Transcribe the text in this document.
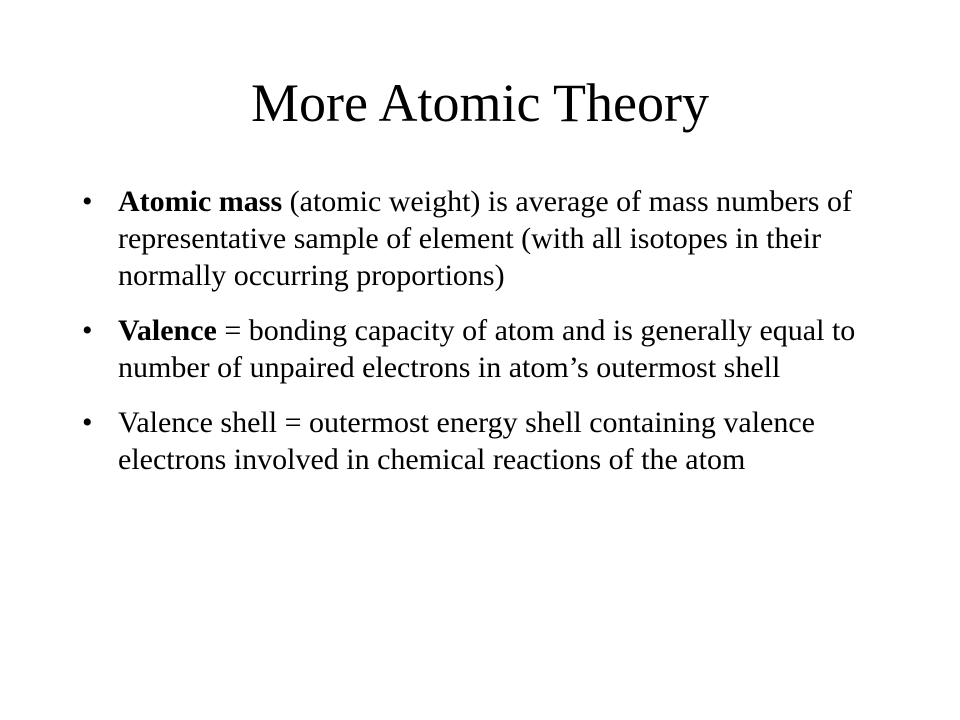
More Atomic Theory
• Atomic mass (atomic weight) is average of mass numbers of representative sample of element (with all isotopes in their normally occurring proportions)
• Valence = bonding capacity of atom and is generally equal to number of unpaired electrons in atom’s outermost shell
• Valence shell = outermost energy shell containing valence electrons involved in chemical reactions of the atom
